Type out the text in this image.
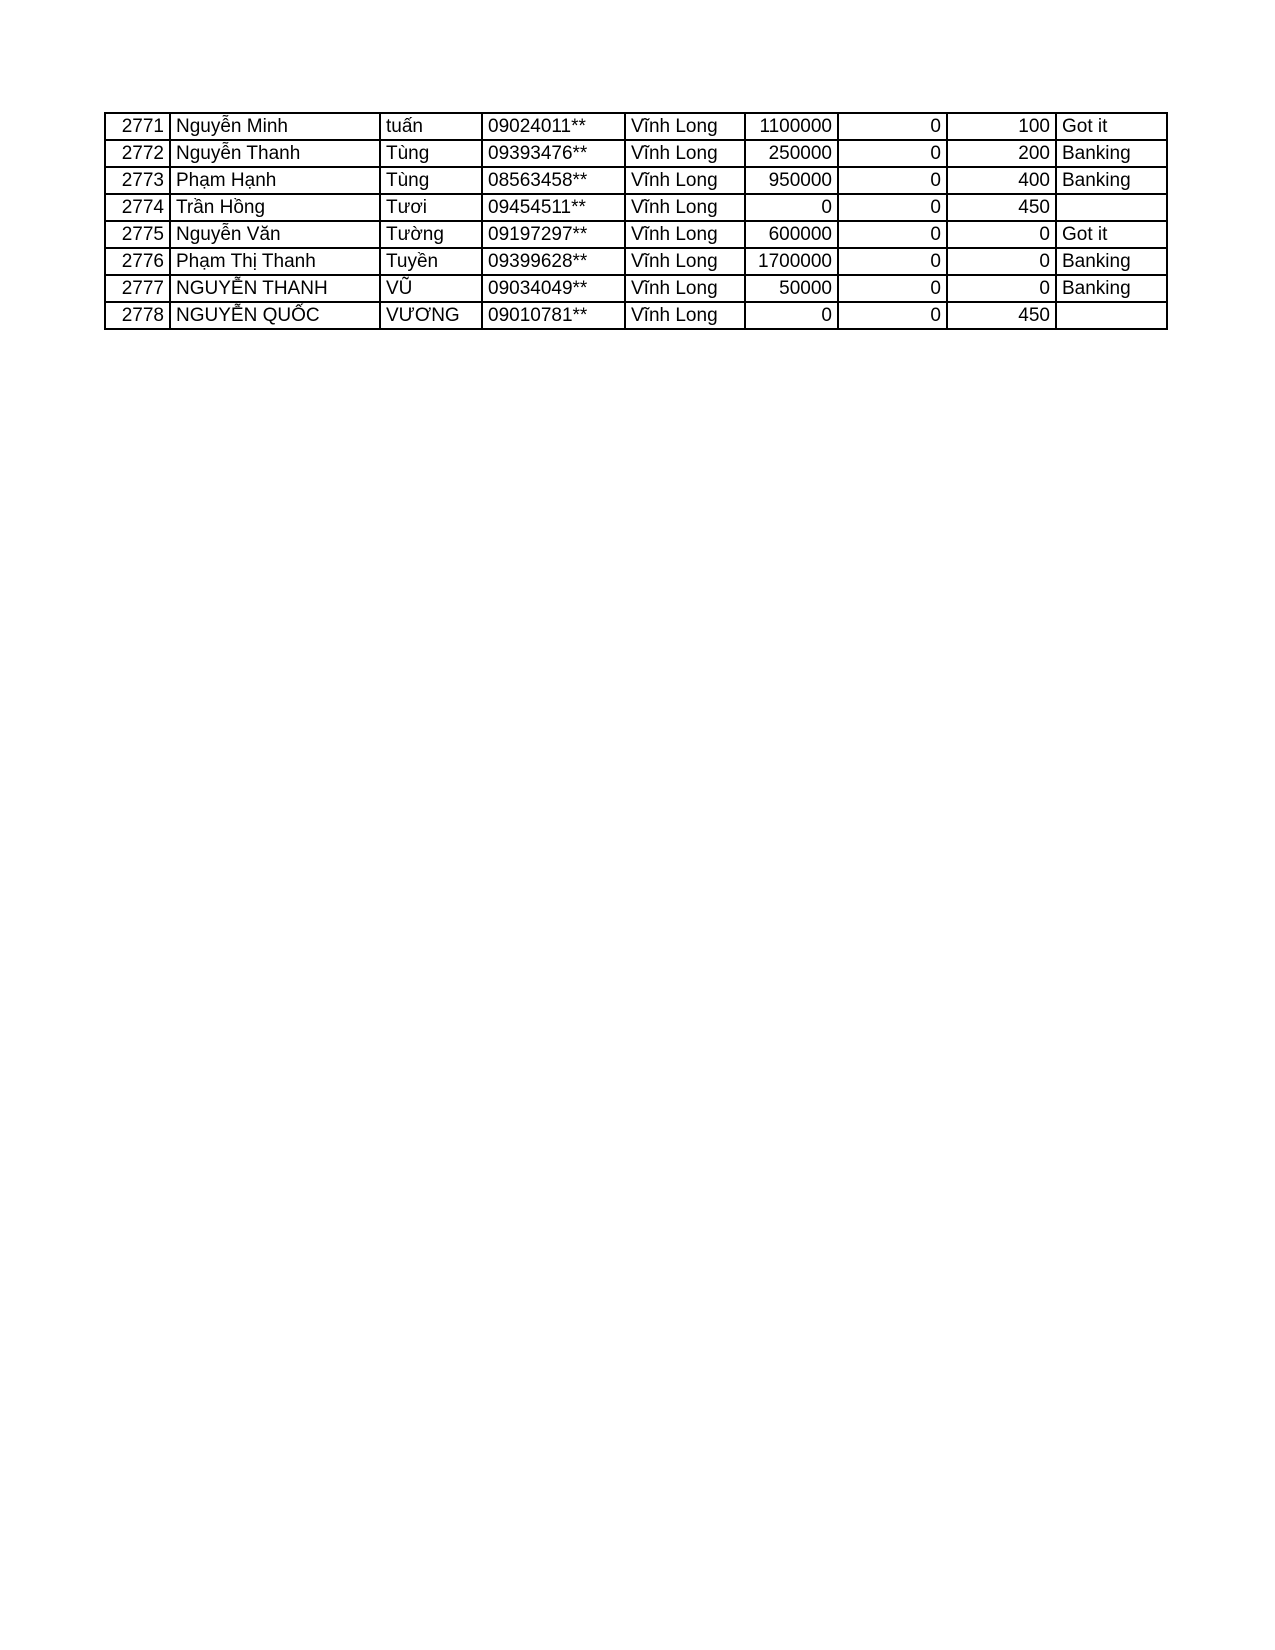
2771	Nguyễn Minh	tuấn	09024011**	Vĩnh Long	1100000	0	100	Got it
2772	Nguyễn Thanh	Tùng	09393476**	Vĩnh Long	250000	0	200	Banking
2773	Phạm Hạnh	Tùng	08563458**	Vĩnh Long	950000	0	400	Banking
2774	Trần Hồng	Tươi	09454511**	Vĩnh Long	0	0	450	
2775	Nguyễn Văn	Tường	09197297**	Vĩnh Long	600000	0	0	Got it
2776	Phạm Thị Thanh	Tuyền	09399628**	Vĩnh Long	1700000	0	0	Banking
2777	NGUYỄN THANH	VŨ	09034049**	Vĩnh Long	50000	0	0	Banking
2778	NGUYỄN QUỐC	VƯƠNG	09010781**	Vĩnh Long	0	0	450	
